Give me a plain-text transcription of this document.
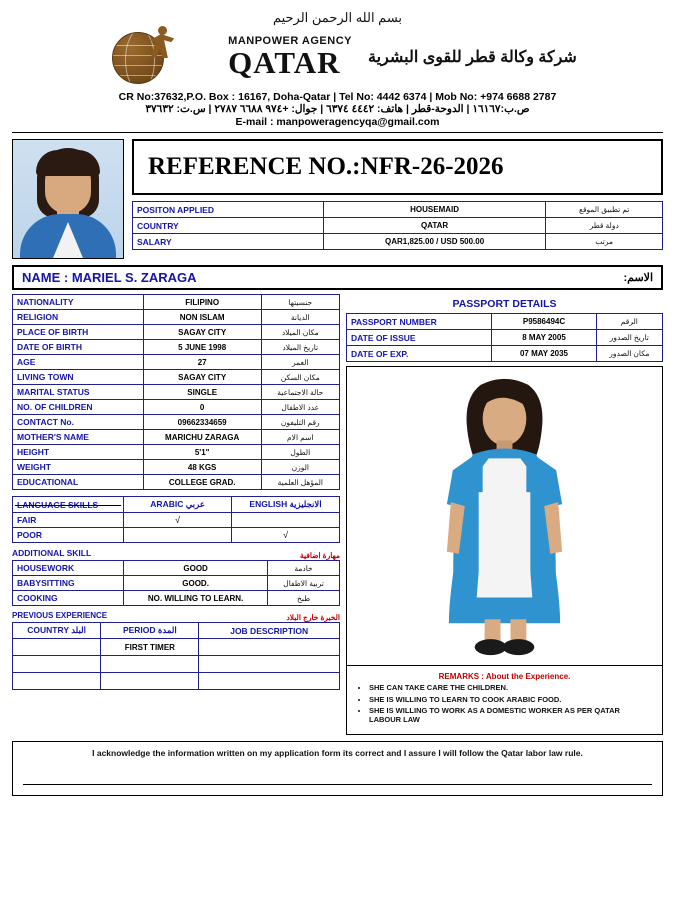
بسم الله الرحمن الرحيم
MANPOWER AGENCY
QATAR	شركة وكالة قطر للقوى البشرية
CR No:37632,P.O. Box : 16167, Doha-Qatar | Tel No: 4442 6374 | Mob No: +974 6688 2787
ص.ب:١٦١٦٧ | الدوحة-قطر | هاتف: ٤٤٤٢ ٦٣٧٤ | جوال: +٩٧٤ ٦٦٨٨ ٢٧٨٧ | س.ت: ٣٧٦٣٢
E-mail : manpoweragencyqa@gmail.com
REFERENCE NO.: NFR-26-2026
POSITON APPLIED	HOUSEMAID	تم تطبيق الموقع
COUNTRY	QATAR	دولة قطر
SALARY	QAR1,825.00 / USD 500.00	مرتب
NAME : MARIEL S. ZARAGA	الاسم:
NATIONALITY	FILIPINO	جنسيتها
RELIGION	NON ISLAM	الديانة
PLACE OF BIRTH	SAGAY CITY	مكان الميلاد
DATE OF BIRTH	5 JUNE 1998	تاريخ الميلاد
AGE	27	العمر
LIVING TOWN	SAGAY CITY	مكان السكن
MARITAL STATUS	SINGLE	حالة الاجتماعية
NO. OF CHILDREN	0	عدد الاطفال
CONTACT No.	09662334659	رقم التليفون
MOTHER'S NAME	MARICHU ZARAGA	اسم الام
HEIGHT	5'1"	الطول
WEIGHT	48 KGS	الوزن
EDUCATIONAL	COLLEGE GRAD.	المؤهل العلمية
LANGUAGE SKILLS	ARABIC عربي	ENGLISH الانجليزية
FAIR	√	
POOR		√
ADDITIONAL SKILL	مهارة اضافية
HOUSEWORK	GOOD	خادمة
BABYSITTING	GOOD.	تربية الاطفال
COOKING	NO. WILLING TO LEARN.	طبخ
PREVIOUS EXPERIENCE	الخبرة خارج البلاد
COUNTRY البلد	PERIOD المدة	JOB DESCRIPTION
	FIRST TIMER	

PASSPORT DETAILS
PASSPORT NUMBER	P9586494C	الرقم
DATE OF ISSUE	8 MAY 2005	تاريخ الصدور
DATE OF EXP.	07 MAY 2035	مكان الصدور
REMARKS : About the Experience.
• SHE CAN TAKE CARE THE CHILDREN.
• SHE IS WILLING TO LEARN TO COOK ARABIC FOOD.
• SHE IS WILLING TO WORK AS A DOMESTIC WORKER AS PER QATAR LABOUR LAW
I acknowledge the information written on my application form its correct and I assure I will follow the Qatar labor law rule.
